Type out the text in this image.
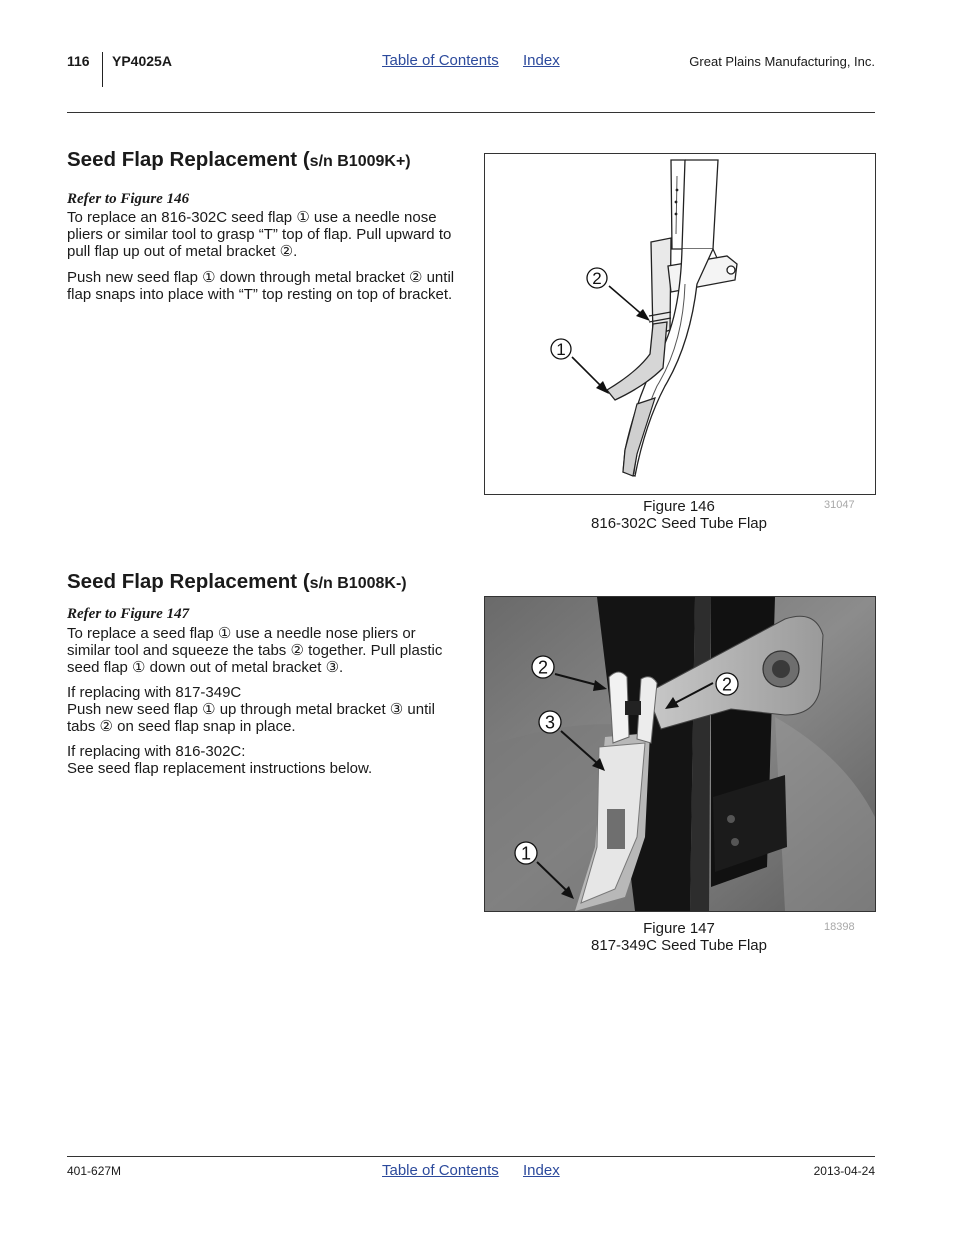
116 YP4025A	Table of Contents Index	Great Plains Manufacturing, Inc.
Seed Flap Replacement (s/n B1009K+)
Refer to Figure 146
To replace an 816-302C seed flap ① use a needle nose pliers or similar tool to grasp “T” top of flap. Pull upward to pull flap up out of metal bracket ②.
Push new seed flap ① down through metal bracket ② until flap snaps into place with “T” top resting on top of bracket.
2
1
Figure 146
816-302C Seed Tube Flap
31047
Seed Flap Replacement (s/n B1008K-)
Refer to Figure 147
To replace a seed flap ① use a needle nose pliers or similar tool and squeeze the tabs ② together. Pull plastic seed flap ① down out of metal bracket ③.
If replacing with 817-349C
Push new seed flap ① up through metal bracket ③ until tabs ② on seed flap snap in place.
If replacing with 816-302C:
See seed flap replacement instructions below.
2
2
3
1
Figure 147
817-349C Seed Tube Flap
18398
401-627M	Table of Contents Index	2013-04-24
